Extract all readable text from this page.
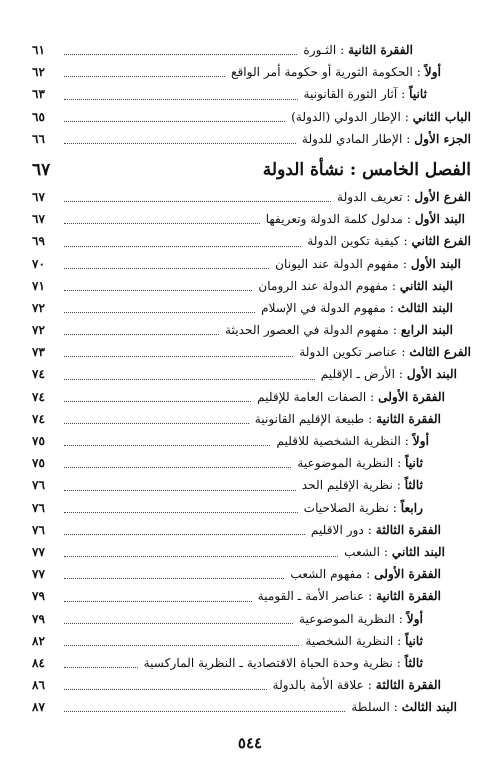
٦١	الفقرة الثانية : الثـورة
٦٢	أولاً : الحكومة الثورية أو حكومة أمر الواقع
٦٣	ثانياً : آثار الثورة القانونية
٦٥	الباب الثاني : الإطار الدولي (الدولة)
٦٦	الجزء الأول : الإطار المادي للدولة
٦٧	الفصل الخامس : نشأة الدولة
٦٧	الفرع الأول : تعريف الدولة
٦٧	البند الأول : مدلول كلمة الدولة وتعريفها
٦٩	الفرع الثاني : كيفية تكوين الدولة
٧٠	البند الأول : مفهوم الدولة عند اليونان
٧١	البند الثاني : مفهوم الدولة عند الرومان
٧٢	البند الثالث : مفهوم الدولة في الإسلام
٧٢	البند الرابع : مفهوم الدولة في العصور الحديثة
٧٣	الفرع الثالث : عناصر تكوين الدولة
٧٤	البند الأول : الأرض ـ الإقليم
٧٤	الفقرة الأولى : الصفات العامة للإقليم
٧٤	الفقرة الثانية : طبيعة الإقليم القانونية
٧٥	أولاً : النظرية الشخصية للاقليم
٧٥	ثانياً : النظرية الموضوعية
٧٦	ثالثاً : نظرية الإقليم الحد
٧٦	رابعاً : نظرية الصلاحيات
٧٦	الفقرة الثالثة : دور الاقليم
٧٧	البند الثاني : الشعب
٧٧	الفقرة الأولى : مفهوم الشعب
٧٩	الفقرة الثانية : عناصر الأمة ـ القومية
٧٩	أولاً : النظرية الموضوعية
٨٢	ثانياً : النظرية الشخصية
٨٤	ثالثاً : نظرية وحدة الحياة الاقتصادية ـ النظرية الماركسية
٨٦	الفقرة الثالثة : علاقة الأمة بالدولة
٨٧	البند الثالث : السلطة
٥٤٤
